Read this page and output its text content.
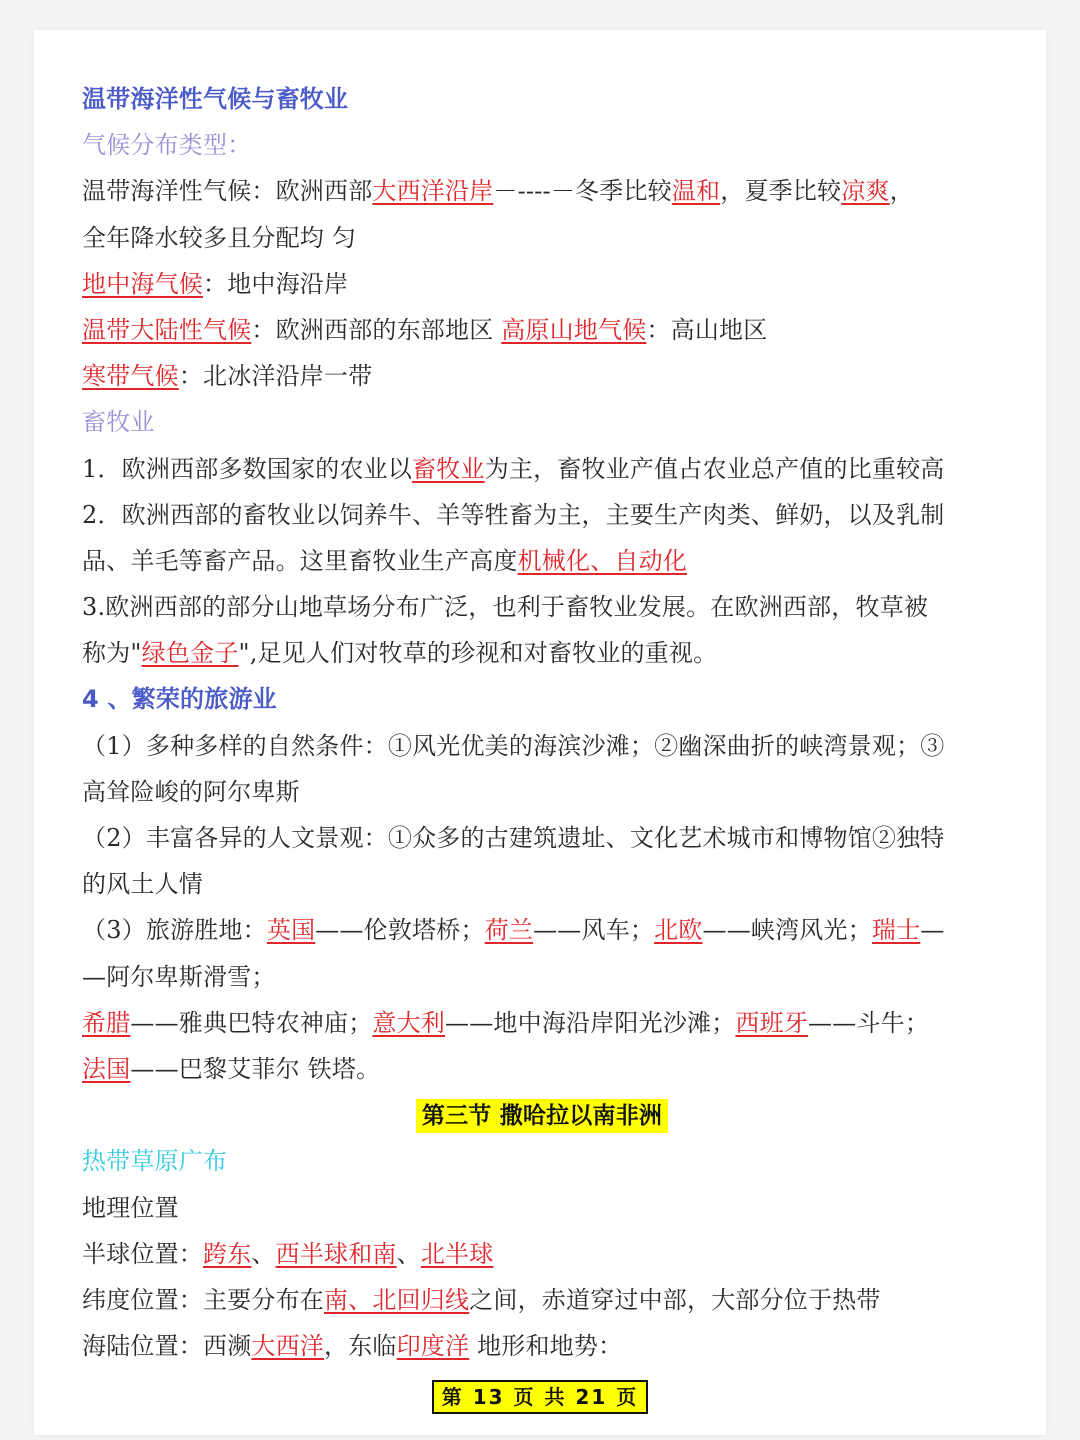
温带海洋性气候与畜牧业
气候分布类型：
温带海洋性气候：欧洲西部大西洋沿岸－----－冬季比较温和，夏季比较凉爽，
全年降水较多且分配均 匀
地中海气候：地中海沿岸
温带大陆性气候：欧洲西部的东部地区 高原山地气候：高山地区
寒带气候：北冰洋沿岸一带
畜牧业
1．欧洲西部多数国家的农业以畜牧业为主，畜牧业产值占农业总产值的比重较高
2．欧洲西部的畜牧业以饲养牛、羊等牲畜为主，主要生产肉类、鲜奶，以及乳制
品、羊毛等畜产品。这里畜牧业生产高度机械化、自动化
3.欧洲西部的部分山地草场分布广泛，也利于畜牧业发展。在欧洲西部，牧草被
称为"绿色金子",足见人们对牧草的珍视和对畜牧业的重视。
4 、繁荣的旅游业
（1）多种多样的自然条件：①风光优美的海滨沙滩；②幽深曲折的峡湾景观；③
高耸险峻的阿尔卑斯
（2）丰富各异的人文景观：①众多的古建筑遗址、文化艺术城市和博物馆②独特
的风土人情
（3）旅游胜地：英国——伦敦塔桥；荷兰——风车；北欧——峡湾风光；瑞士—
—阿尔卑斯滑雪；
希腊——雅典巴特农神庙；意大利——地中海沿岸阳光沙滩；西班牙——斗牛；
法国——巴黎艾菲尔 铁塔。
第三节 撒哈拉以南非洲
热带草原广布
地理位置
半球位置：跨东、西半球和南、北半球
纬度位置：主要分布在南、北回归线之间，赤道穿过中部，大部分位于热带
海陆位置：西濒大西洋，东临印度洋 地形和地势：
第 13 页 共 21 页
